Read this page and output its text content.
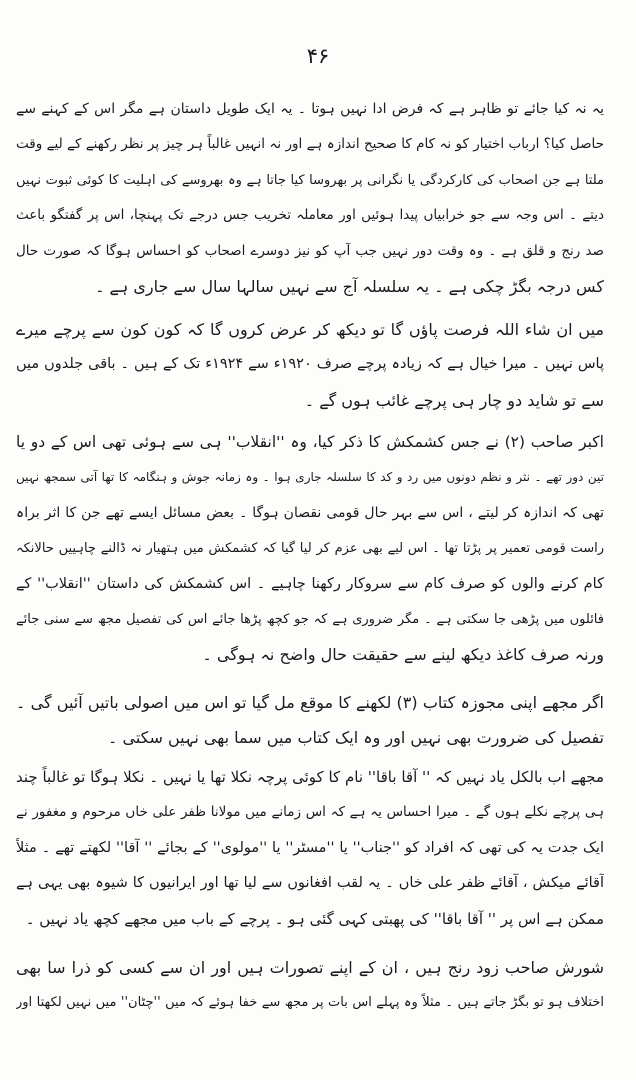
۴۶
یہ نہ کیا جائے تو ظاہر ہے کہ فرض ادا نہیں ہوتا ۔ یہ ایک طویل داستان ہے مگر اس کے کہنے سے
حاصل کیا؟ ارباب اختیار کو نہ کام کا صحیح اندازہ ہے اور نہ انہیں غالباً ہر چیز پر نظر رکھنے کے لیے وقت
ملتا ہے جن اصحاب کی کارکردگی یا نگرانی پر بھروسا کیا جاتا ہے وہ بھروسے کی اہلیت کا کوئی ثبوت نہیں
دیتے ۔ اس وجہ سے جو خرابیاں پیدا ہوئیں اور معاملہ تخریب جس درجے تک پہنچا، اس پر گفتگو باعث
صد رنج و قلق ہے ۔ وہ وقت دور نہیں جب آپ کو نیز دوسرے اصحاب کو احساس ہوگا کہ صورت حال
کس درجہ بگڑ چکی ہے ۔ یہ سلسلہ آج سے نہیں سالہا سال سے جاری ہے ۔
میں ان شاء اللہ فرصت پاؤں گا تو دیکھ کر عرض کروں گا کہ کون کون سے پرچے میرے
پاس نہیں ۔ میرا خیال ہے کہ زیادہ پرچے صرف ۱۹۲۰ء سے ۱۹۲۴ء تک کے ہیں ۔ باقی جلدوں میں
سے تو شاید دو چار ہی پرچے غائب ہوں گے ۔
اکبر صاحب (۲) نے جس کشمکش کا ذکر کیا، وہ ''انقلاب'' ہی سے ہوئی تھی اس کے دو یا
تین دور تھے ۔ نثر و نظم دونوں میں رد و کد کا سلسلہ جاری ہوا ۔ وہ زمانہ جوش و ہنگامہ کا تھا آتی سمجھ نہیں
تھی کہ اندازہ کر لیتے ، اس سے بہر حال قومی نقصان ہوگا ۔ بعض مسائل ایسے تھے جن کا اثر براہ
راست قومی تعمیر پر پڑتا تھا ۔ اس لیے بھی عزم کر لیا گیا کہ کشمکش میں ہتھیار نہ ڈالنے چاہییں حالانکہ
کام کرنے والوں کو صرف کام سے سروکار رکھنا چاہیے ۔ اس کشمکش کی داستان ''انقلاب'' کے
فائلوں میں پڑھی جا سکتی ہے ۔ مگر ضروری ہے کہ جو کچھ پڑھا جائے اس کی تفصیل مجھ سے سنی جائے
ورنہ صرف کاغذ دیکھ لینے سے حقیقت حال واضح نہ ہوگی ۔
اگر مجھے اپنی مجوزہ کتاب (۳) لکھنے کا موقع مل گیا تو اس میں اصولی باتیں آئیں گی ۔
تفصیل کی ضرورت بھی نہیں اور وہ ایک کتاب میں سما بھی نہیں سکتی ۔
مجھے اب بالکل یاد نہیں کہ '' آقا باقا'' نام کا کوئی پرچہ نکلا تھا یا نہیں ۔ نکلا ہوگا تو غالباً چند
ہی پرچے نکلے ہوں گے ۔ میرا احساس یہ ہے کہ اس زمانے میں مولانا ظفر علی خاں مرحوم و مغفور نے
ایک جدت یہ کی تھی کہ افراد کو ''جناب'' یا ''مسٹر'' یا ''مولوی'' کے بجائے '' آقا'' لکھتے تھے ۔ مثلاً
آقائے میکش ، آقائے ظفر علی خاں ۔ یہ لقب افغانوں سے لیا تھا اور ایرانیوں کا شیوہ بھی یہی ہے
ممکن ہے اس پر '' آقا باقا'' کی پھبتی کہی گئی ہو ۔ پرچے کے باب میں مجھے کچھ یاد نہیں ۔
شورش صاحب زود رنج ہیں ، ان کے اپنے تصورات ہیں اور ان سے کسی کو ذرا سا بھی
اختلاف ہو تو بگڑ جاتے ہیں ۔ مثلاً وہ پہلے اس بات پر مجھ سے خفا ہوئے کہ میں ''چٹان'' میں نہیں لکھتا اور
